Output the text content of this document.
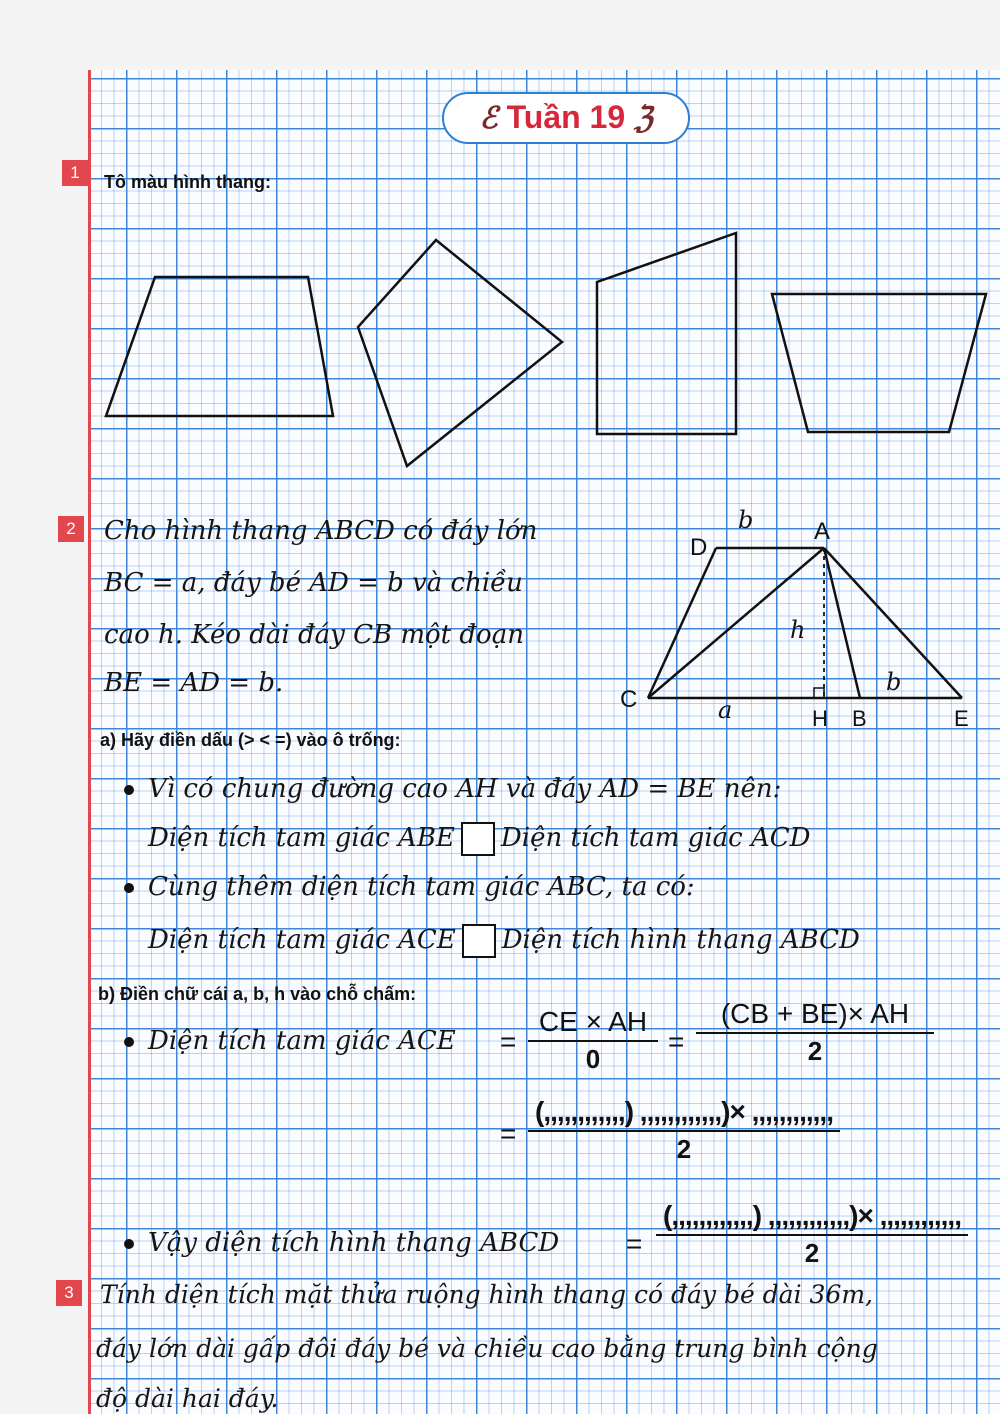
ℰ Tuần 19 ℨ
1	Tô màu hình thang:
2	Cho hình thang ABCD có đáy lớn
BC = a, đáy bé AD = b và chiều
cao h. Kéo dài đáy CB một đoạn
BE = AD = b.
D
A
b
h
b
C	a	H B	E
a) Hãy điền dấu (> < =) vào ô trống:
Vì có chung đường cao AH và đáy AD = BE nên:
Diện tích tam giác ABE Diện tích tam giác ACD
Cùng thêm diện tích tam giác ABC, ta có:
Diện tích tam giác ACE Diện tích hình thang ABCD
b) Điền chữ cái a, b, h vào chỗ chấm:
Diện tích tam giác ACE =
CE × AH
0
=
(CB + BE)× AH
2
=
(,,,,,,,,,,,,) ,,,,,,,,,,,,)× ,,,,,,,,,,,,
2
Vậy diện tích hình thang ABCD =
(,,,,,,,,,,,,) ,,,,,,,,,,,,)× ,,,,,,,,,,,,
2
3	Tính diện tích mặt thửa ruộng hình thang có đáy bé dài 36m,
đáy lớn dài gấp đôi đáy bé và chiều cao bằng trung bình cộng
độ dài hai đáy.
